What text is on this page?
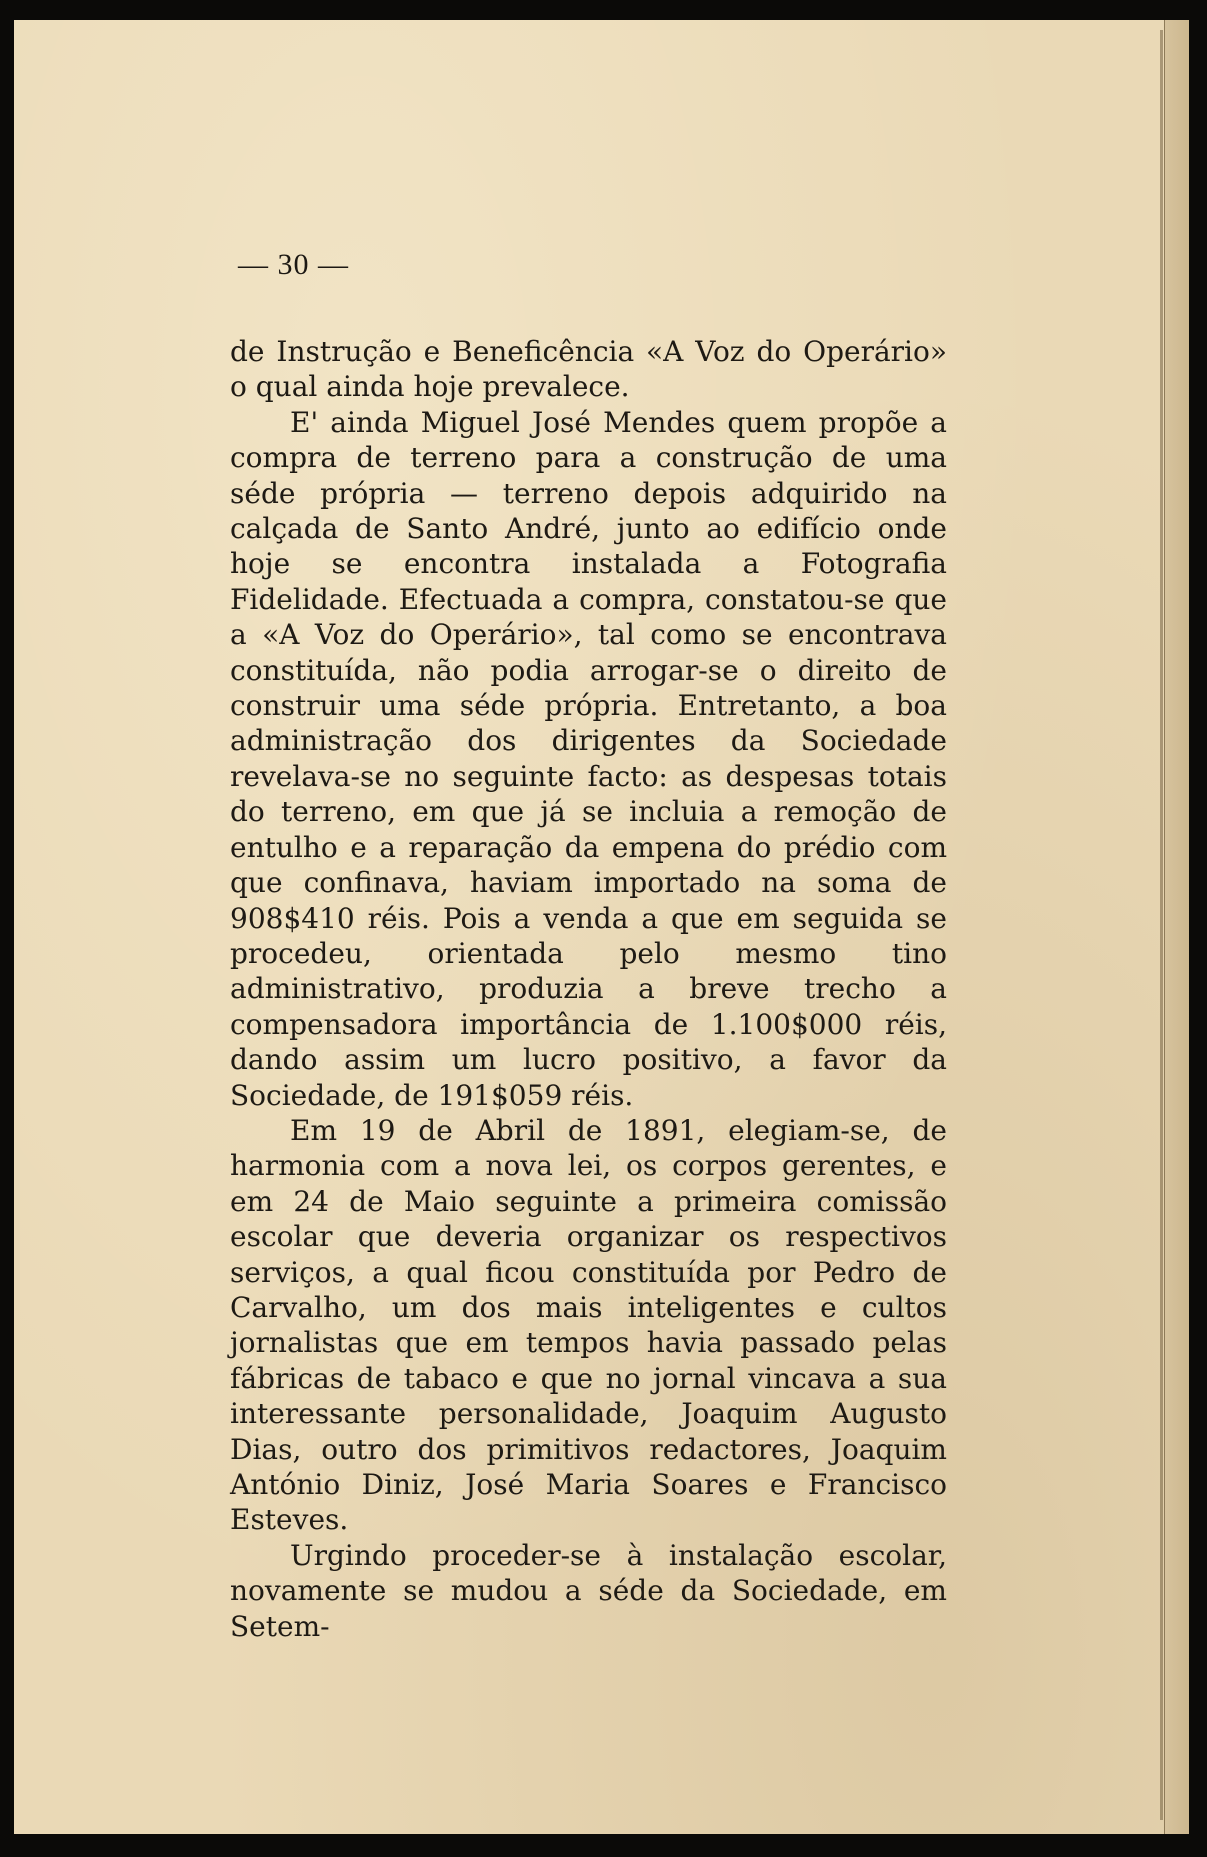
— 30 —

de Instrução e Beneficência «A Voz do Operário» o qual ainda hoje prevalece.

E' ainda Miguel José Mendes quem propõe a compra de terreno para a construção de uma séde própria — terreno depois adquirido na calçada de Santo André, junto ao edifício onde hoje se encontra instalada a Fotografia Fidelidade. Efectuada a compra, constatou-se que a «A Voz do Operário», tal como se encontrava constituída, não podia arrogar-se o direito de construir uma séde própria. Entretanto, a boa administração dos dirigentes da Sociedade revelava-se no seguinte facto: as despesas totais do terreno, em que já se incluia a remoção de entulho e a reparação da empena do prédio com que confinava, haviam importado na soma de 908$410 réis. Pois a venda a que em seguida se procedeu, orientada pelo mesmo tino administrativo, produzia a breve trecho a compensadora importância de 1.100$000 réis, dando assim um lucro positivo, a favor da Sociedade, de 191$059 réis.

Em 19 de Abril de 1891, elegiam-se, de harmonia com a nova lei, os corpos gerentes, e em 24 de Maio seguinte a primeira comissão escolar que deveria organizar os respectivos serviços, a qual ficou constituída por Pedro de Carvalho, um dos mais inteligentes e cultos jornalistas que em tempos havia passado pelas fábricas de tabaco e que no jornal vincava a sua interessante personalidade, Joaquim Augusto Dias, outro dos primitivos redactores, Joaquim António Diniz, José Maria Soares e Francisco Esteves.

Urgindo proceder-se à instalação escolar, novamente se mudou a séde da Sociedade, em Setem-
